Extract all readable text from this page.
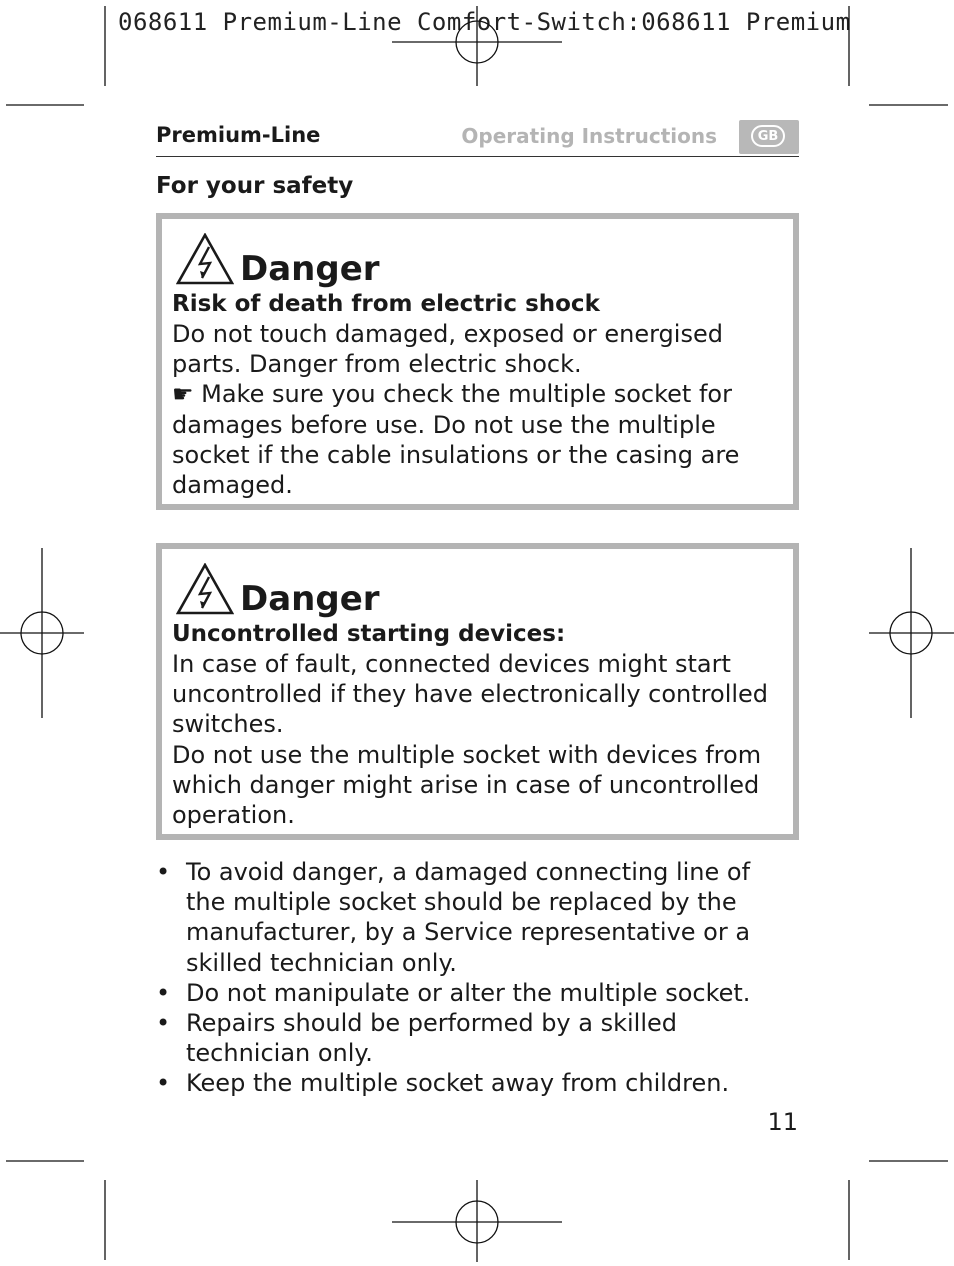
068611 Premium-Line Comfort-Switch:068611 Premium
Premium-Line	Operating Instructions	GB
For your safety
Danger
Risk of death from electric shock

Do not touch damaged, exposed or energised parts. Danger from electric shock.

☛ Make sure you check the multiple socket for damages before use. Do not use the multiple socket if the cable insulations or the casing are damaged.

Danger
Uncontrolled starting devices:

In case of fault, connected devices might start uncontrolled if they have electronically controlled switches.

Do not use the multiple socket with devices from which danger might arise in case of uncontrolled operation.

• To avoid danger, a damaged connecting line of the multiple socket should be replaced by the manufacturer, by a Service representative or a skilled technician only.
• Do not manipulate or alter the multiple socket.
• Repairs should be performed by a skilled technician only.
• Keep the multiple socket away from children.
11
